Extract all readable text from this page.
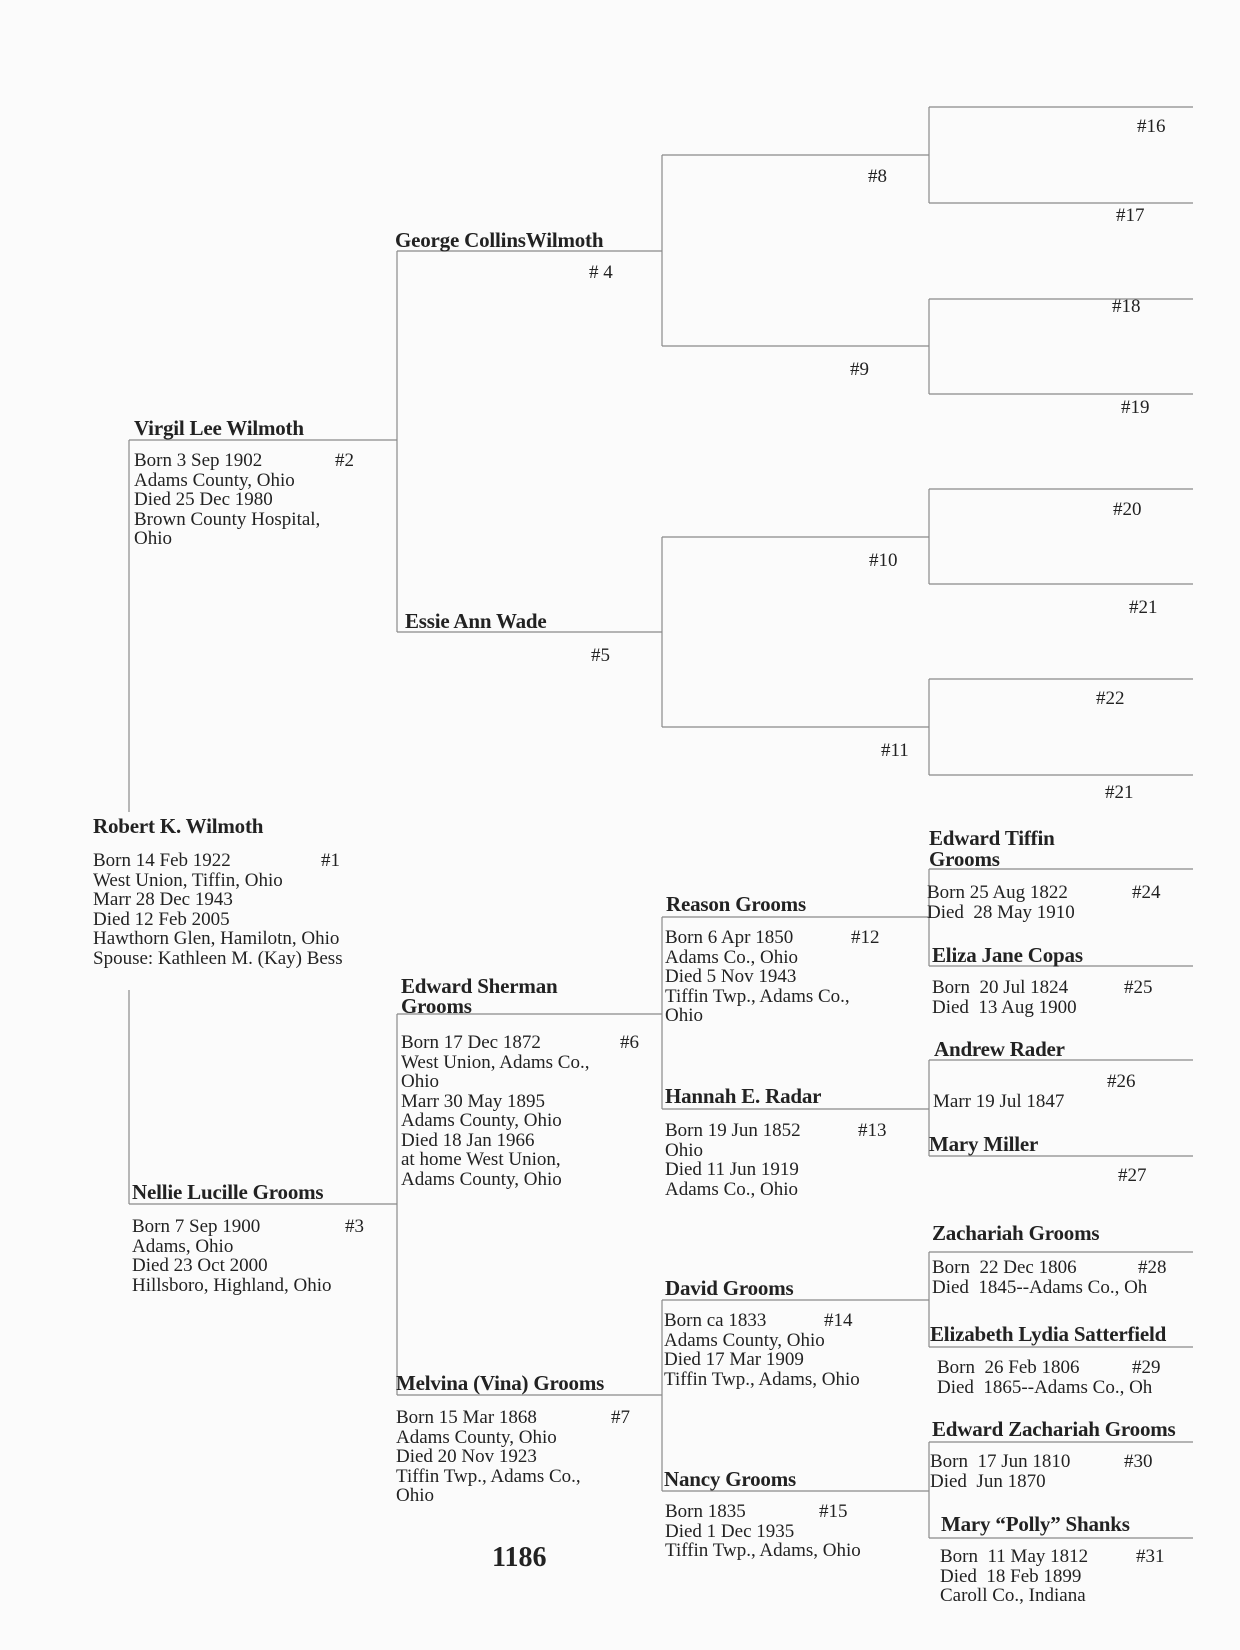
Robert K. Wilmoth
Born 14 Feb 1922
West Union, Tiffin, Ohio
Marr 28 Dec 1943
Died 12 Feb 2005
Hawthorn Glen, Hamilotn, Ohio
Spouse: Kathleen M. (Kay) Bess
#1
Virgil Lee Wilmoth
Born 3 Sep 1902
Adams County, Ohio
Died 25 Dec 1980
Brown County Hospital,
Ohio
#2
Nellie Lucille Grooms
Born 7 Sep 1900
Adams, Ohio
Died 23 Oct 2000
Hillsboro, Highland, Ohio
#3
George CollinsWilmoth
# 4
Essie Ann Wade
#5
Edward Sherman
Grooms
Born 17 Dec 1872
West Union, Adams Co.,
Ohio
Marr 30 May 1895
Adams County, Ohio
Died 18 Jan 1966
at home West Union,
Adams County, Ohio
#6
Melvina (Vina) Grooms
Born 15 Mar 1868
Adams County, Ohio
Died 20 Nov 1923
Tiffin Twp., Adams Co.,
Ohio
#7
#8
#9
#10
#11
Reason Grooms
Born 6 Apr 1850
Adams Co., Ohio
Died 5 Nov 1943
Tiffin Twp., Adams Co.,
Ohio
#12
Hannah E. Radar
Born 19 Jun 1852
Ohio
Died 11 Jun 1919
Adams Co., Ohio
#13
David Grooms
Born ca 1833
Adams County, Ohio
Died 17 Mar 1909
Tiffin Twp., Adams, Ohio
#14
Nancy Grooms
Born 1835
Died 1 Dec 1935
Tiffin Twp., Adams, Ohio
#15
#16
#17
#18
#19
#20
#21
#22
#21
Edward Tiffin
Grooms
Born 25 Aug 1822
Died  28 May 1910
#24
Eliza Jane Copas
Born  20 Jul 1824
Died  13 Aug 1900
#25
Andrew Rader
Marr 19 Jul 1847
#26
Mary Miller
#27
Zachariah Grooms
Born  22 Dec 1806
Died  1845--Adams Co., Oh
#28
Elizabeth Lydia Satterfield
Born  26 Feb 1806
Died  1865--Adams Co., Oh
#29
Edward Zachariah Grooms
Born  17 Jun 1810
Died  Jun 1870
#30
Mary “Polly” Shanks
Born  11 May 1812
Died  18 Feb 1899
Caroll Co., Indiana
#31
1186
